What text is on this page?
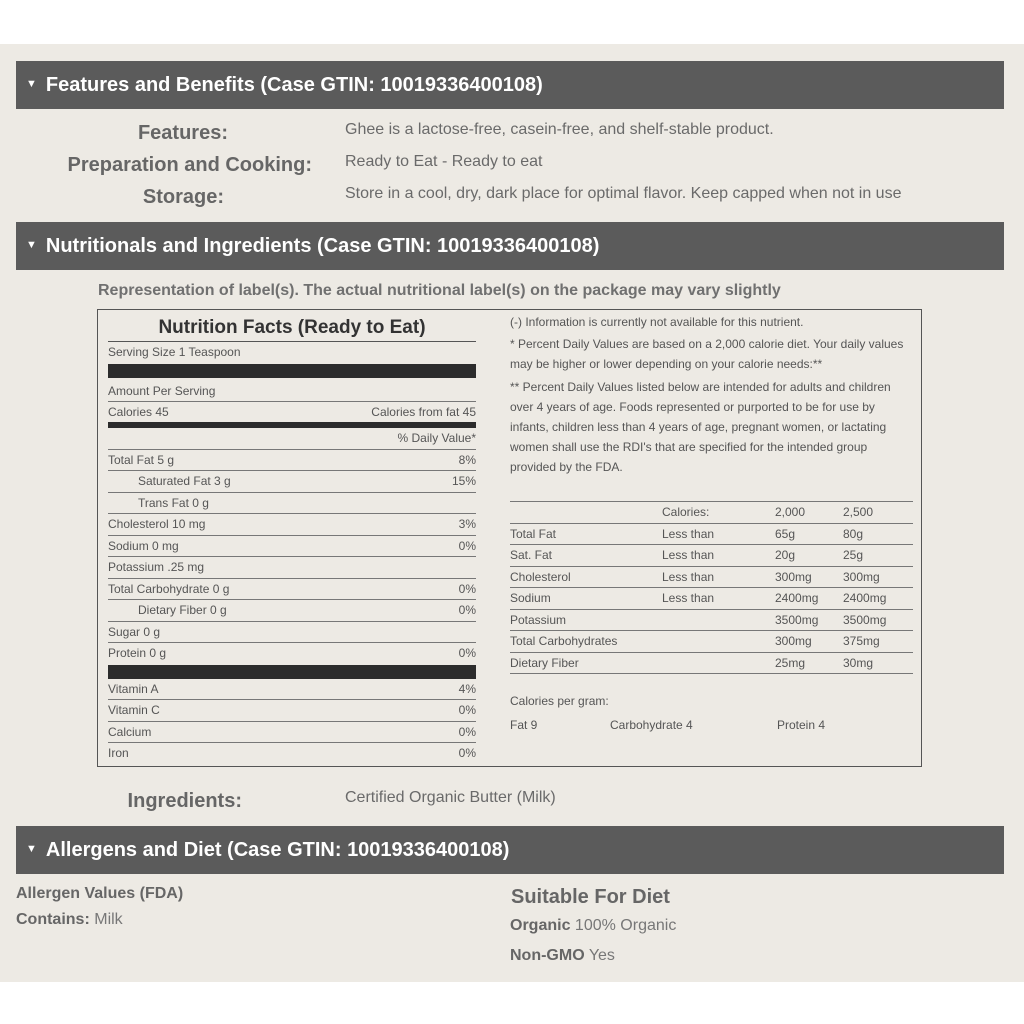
▼ Features and Benefits (Case GTIN: 10019336400108)
Features:	Ghee is a lactose-free, casein-free, and shelf-stable product.
Preparation and Cooking: Ready to Eat - Ready to eat
Storage:	Store in a cool, dry, dark place for optimal flavor. Keep capped when not in use
▼ Nutritionals and Ingredients (Case GTIN: 10019336400108)
Representation of label(s). The actual nutritional label(s) on the package may vary slightly
Nutrition Facts (Ready to Eat)
Serving Size 1 Teaspoon
Amount Per Serving
Calories 45	Calories from fat 45
% Daily Value*
Total Fat 5 g	8%
Saturated Fat 3 g	15%
Trans Fat 0 g
Cholesterol 10 mg	3%
Sodium 0 mg	0%
Potassium .25 mg
Total Carbohydrate 0 g	0%
Dietary Fiber 0 g	0%
Sugar 0 g
Protein 0 g	0%
Vitamin A	4%
Vitamin C	0%
Calcium	0%
Iron	0%
(-) Information is currently not available for this nutrient.
* Percent Daily Values are based on a 2,000 calorie diet. Your daily values may be higher or lower depending on your calorie needs:**
** Percent Daily Values listed below are intended for adults and children over 4 years of age. Foods represented or purported to be for use by infants, children less than 4 years of age, pregnant women, or lactating women shall use the RDI's that are specified for the intended group provided by the FDA.
	Calories:	2,000	2,500
Total Fat	Less than	65g	80g
Sat. Fat	Less than	20g	25g
Cholesterol	Less than	300mg	300mg
Sodium	Less than	2400mg	2400mg
Potassium		3500mg	3500mg
Total Carbohydrates		300mg	375mg
Dietary Fiber		25mg	30mg
Calories per gram:
Fat 9	Carbohydrate 4	Protein 4
Ingredients:	Certified Organic Butter (Milk)
▼ Allergens and Diet (Case GTIN: 10019336400108)
Allergen Values (FDA)
Contains: Milk
Suitable For Diet
Organic 100% Organic
Non-GMO Yes
